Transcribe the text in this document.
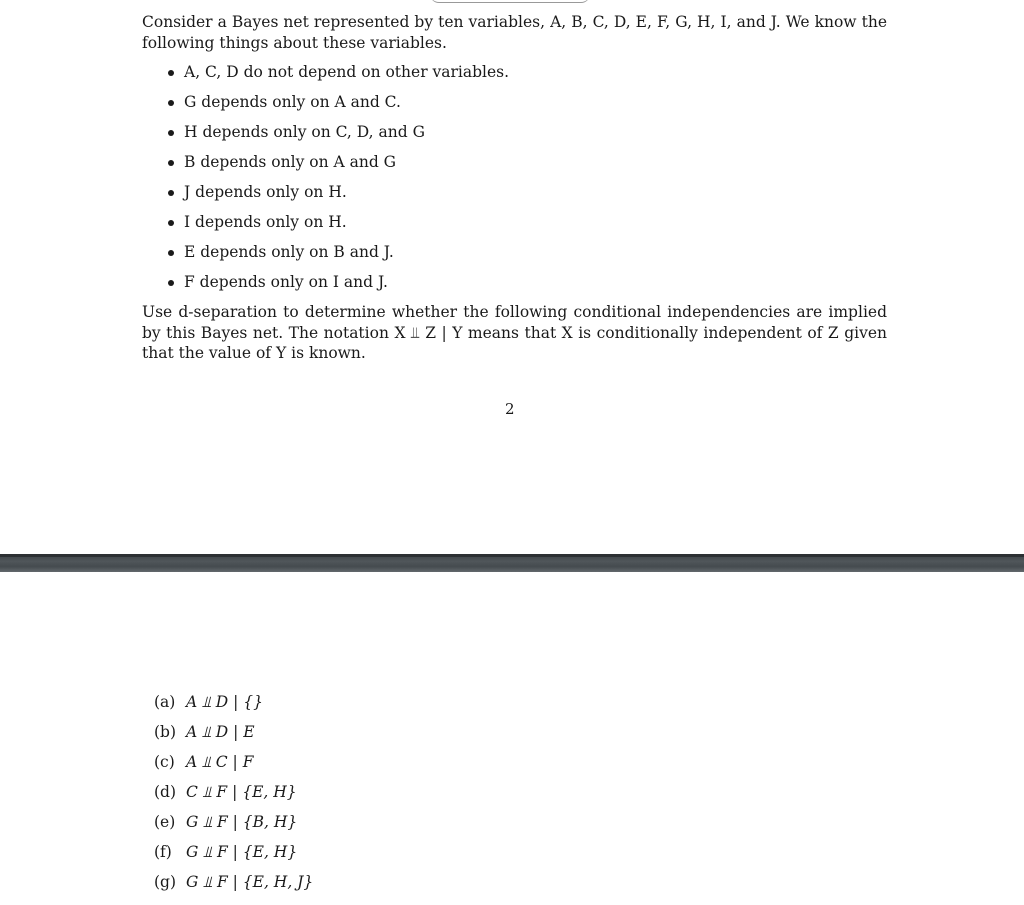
Consider a Bayes net represented by ten variables, A, B, C, D, E, F, G, H, I, and J. We know the following things about these variables.
A, C, D do not depend on other variables.
G depends only on A and C.
H depends only on C, D, and G
B depends only on A and G
J depends only on H.
I depends only on H.
E depends only on B and J.
F depends only on I and J.
Use d-separation to determine whether the following conditional independencies are implied by this Bayes net. The notation X ⫫ Z | Y means that X is conditionally independent of Z given that the value of Y is known.
2
(a) A ⫫ D | {}
(b) A ⫫ D | E
(c) A ⫫ C | F
(d) C ⫫ F | {E, H}
(e) G ⫫ F | {B, H}
(f) G ⫫ F | {E, H}
(g) G ⫫ F | {E, H, J}
